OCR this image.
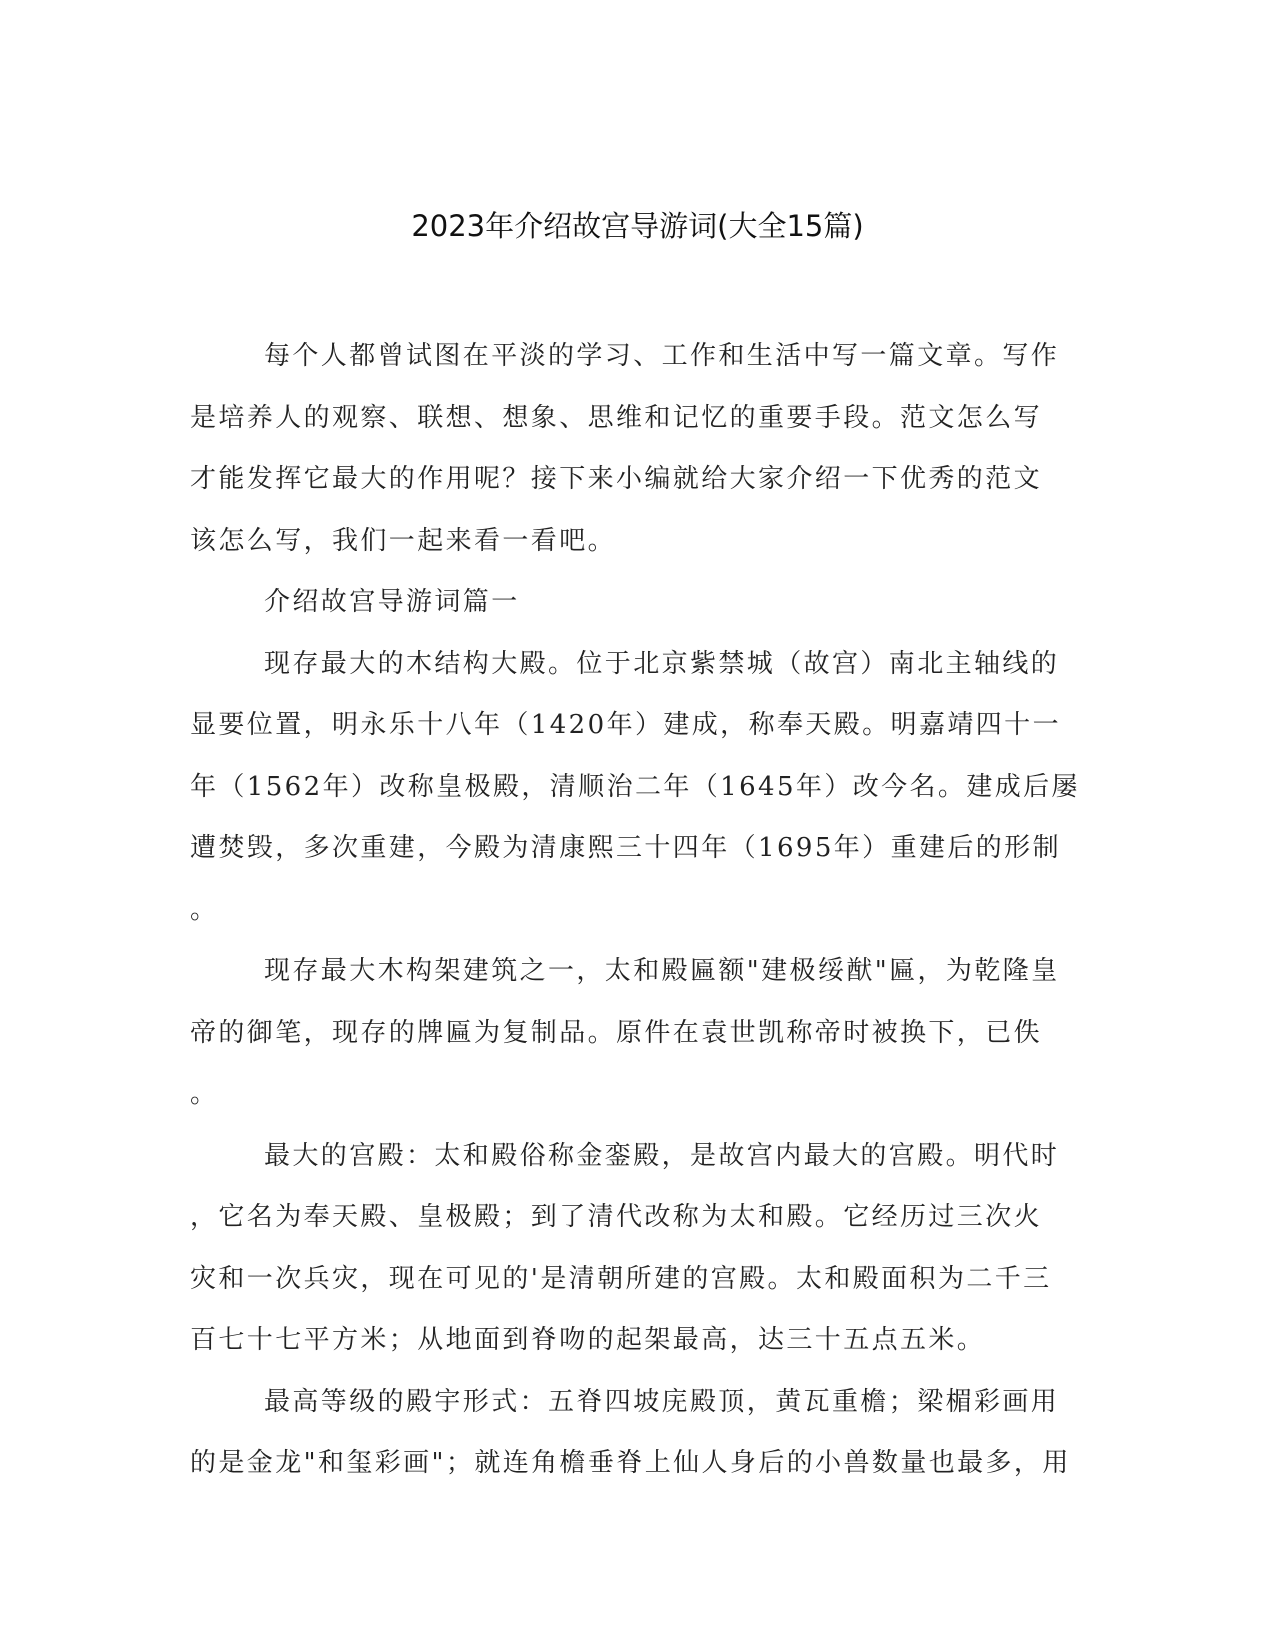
2023年介绍故宫导游词(大全15篇)

每个人都曾试图在平淡的学习、工作和生活中写一篇文章。写作
是培养人的观察、联想、想象、思维和记忆的重要手段。范文怎么写
才能发挥它最大的作用呢？接下来小编就给大家介绍一下优秀的范文
该怎么写，我们一起来看一看吧。

介绍故宫导游词篇一

现存最大的木结构大殿。位于北京紫禁城（故宫）南北主轴线的
显要位置，明永乐十八年（1420年）建成，称奉天殿。明嘉靖四十一
年（1562年）改称皇极殿，清顺治二年（1645年）改今名。建成后屡
遭焚毁，多次重建，今殿为清康熙三十四年（1695年）重建后的形制
。

现存最大木构架建筑之一，太和殿匾额"建极绥猷"匾，为乾隆皇
帝的御笔，现存的牌匾为复制品。原件在袁世凯称帝时被换下，已佚
。

最大的宫殿：太和殿俗称金銮殿，是故宫内最大的宫殿。明代时
，它名为奉天殿、皇极殿；到了清代改称为太和殿。它经历过三次火
灾和一次兵灾，现在可见的'是清朝所建的宫殿。太和殿面积为二千三
百七十七平方米；从地面到脊吻的起架最高，达三十五点五米。

最高等级的殿宇形式：五脊四坡庑殿顶，黄瓦重檐；梁楣彩画用
的是金龙"和玺彩画"；就连角檐垂脊上仙人身后的小兽数量也最多，用
